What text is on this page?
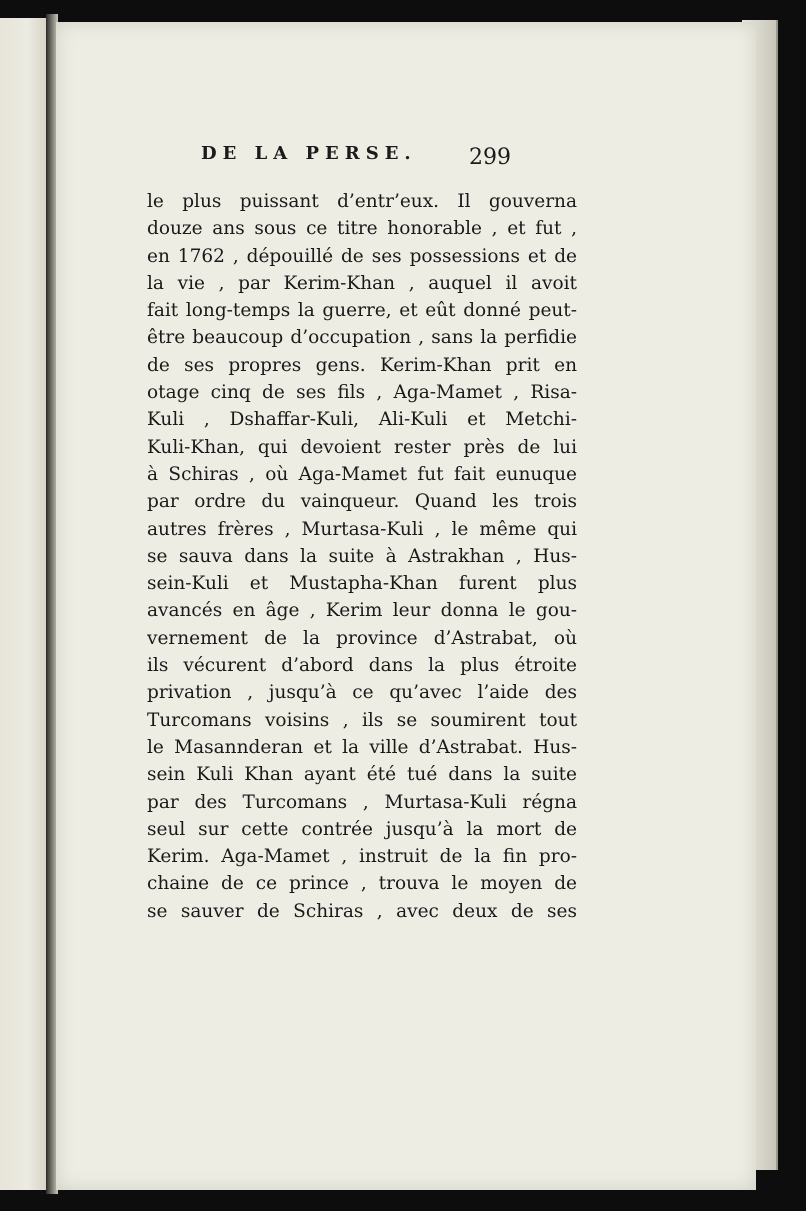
DE LA PERSE. 299
le plus puissant d’entr’eux. Il gouverna
douze ans sous ce titre honorable , et fut ,
en 1762 , dépouillé de ses possessions et de
la vie , par Kerim-Khan , auquel il avoit
fait long-temps la guerre, et eût donné peut-
être beaucoup d’occupation , sans la perfidie
de ses propres gens. Kerim-Khan prit en
otage cinq de ses fils , Aga-Mamet , Risa-
Kuli , Dshaffar-Kuli, Ali-Kuli et Metchi-
Kuli-Khan, qui devoient rester près de lui
à Schiras , où Aga-Mamet fut fait eunuque
par ordre du vainqueur. Quand les trois
autres frères , Murtasa-Kuli , le même qui
se sauva dans la suite à Astrakhan , Hus-
sein-Kuli et Mustapha-Khan furent plus
avancés en âge , Kerim leur donna le gou-
vernement de la province d’Astrabat, où
ils vécurent d’abord dans la plus étroite
privation , jusqu’à ce qu’avec l’aide des
Turcomans voisins , ils se soumirent tout
le Masannderan et la ville d’Astrabat. Hus-
sein Kuli Khan ayant été tué dans la suite
par des Turcomans , Murtasa-Kuli régna
seul sur cette contrée jusqu’à la mort de
Kerim. Aga-Mamet , instruit de la fin pro-
chaine de ce prince , trouva le moyen de
se sauver de Schiras , avec deux de ses
